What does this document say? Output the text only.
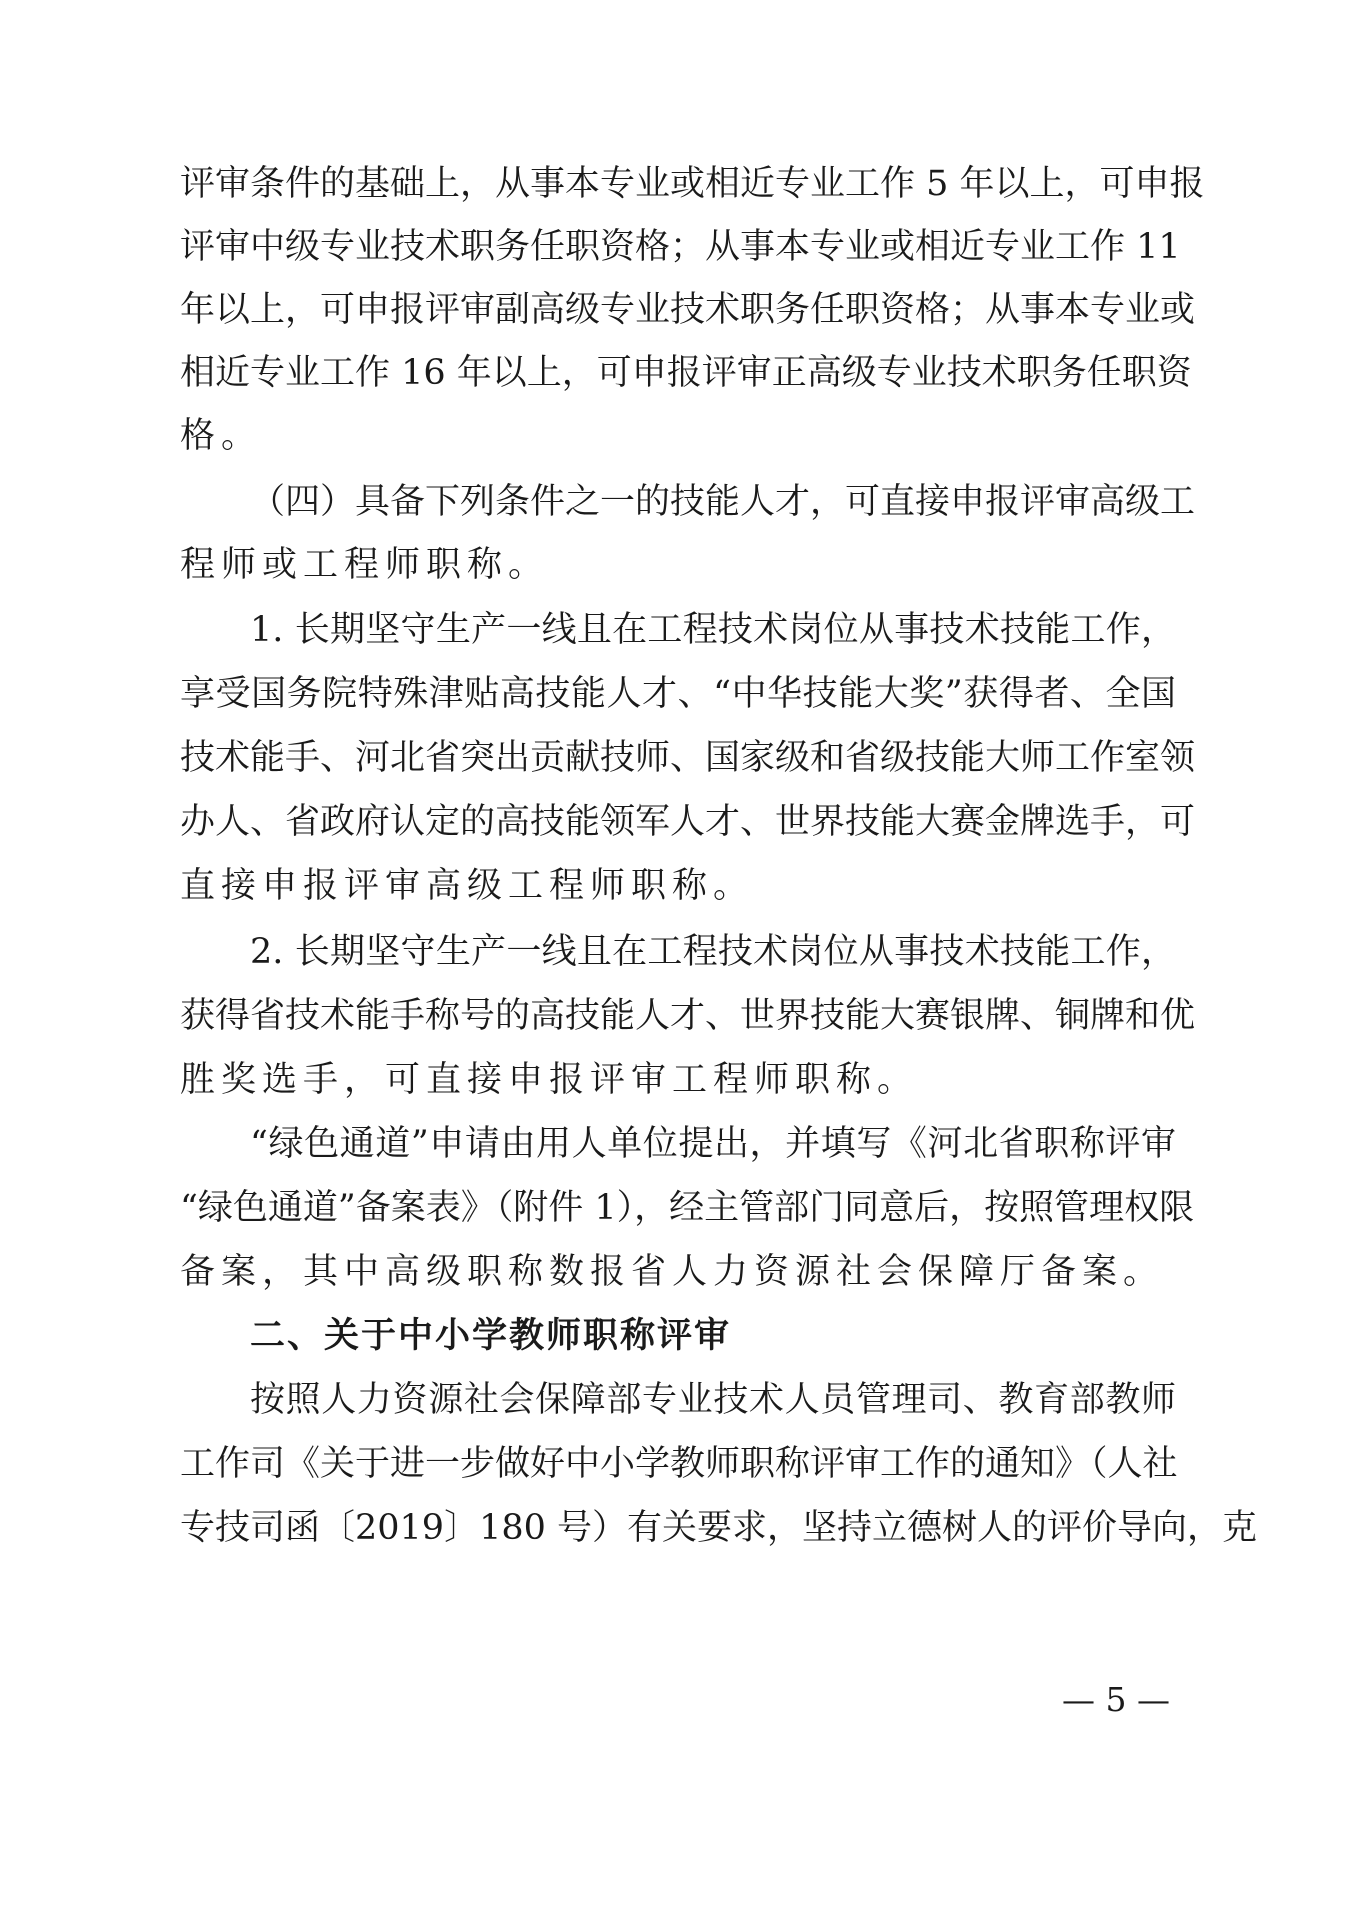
评审条件的基础上，从事本专业或相近专业工作 5 年以上，可申报
评审中级专业技术职务任职资格；从事本专业或相近专业工作 11
年以上，可申报评审副高级专业技术职务任职资格；从事本专业或
相近专业工作 16 年以上，可申报评审正高级专业技术职务任职资
格。
（四）具备下列条件之一的技能人才，可直接申报评审高级工
程师或工程师职称。
1. 长期坚守生产一线且在工程技术岗位从事技术技能工作，
享受国务院特殊津贴高技能人才、“中华技能大奖”获得者、全国
技术能手、河北省突出贡献技师、国家级和省级技能大师工作室领
办人、省政府认定的高技能领军人才、世界技能大赛金牌选手，可
直接申报评审高级工程师职称。
2. 长期坚守生产一线且在工程技术岗位从事技术技能工作，
获得省技术能手称号的高技能人才、世界技能大赛银牌、铜牌和优
胜奖选手，可直接申报评审工程师职称。
“绿色通道”申请由用人单位提出，并填写《河北省职称评审
“绿色通道”备案表》（附件 1），经主管部门同意后，按照管理权限
备案，其中高级职称数报省人力资源社会保障厅备案。
二、关于中小学教师职称评审
按照人力资源社会保障部专业技术人员管理司、教育部教师
工作司《关于进一步做好中小学教师职称评审工作的通知》（人社
专技司函〔2019〕180 号）有关要求，坚持立德树人的评价导向，克
— 5 —
